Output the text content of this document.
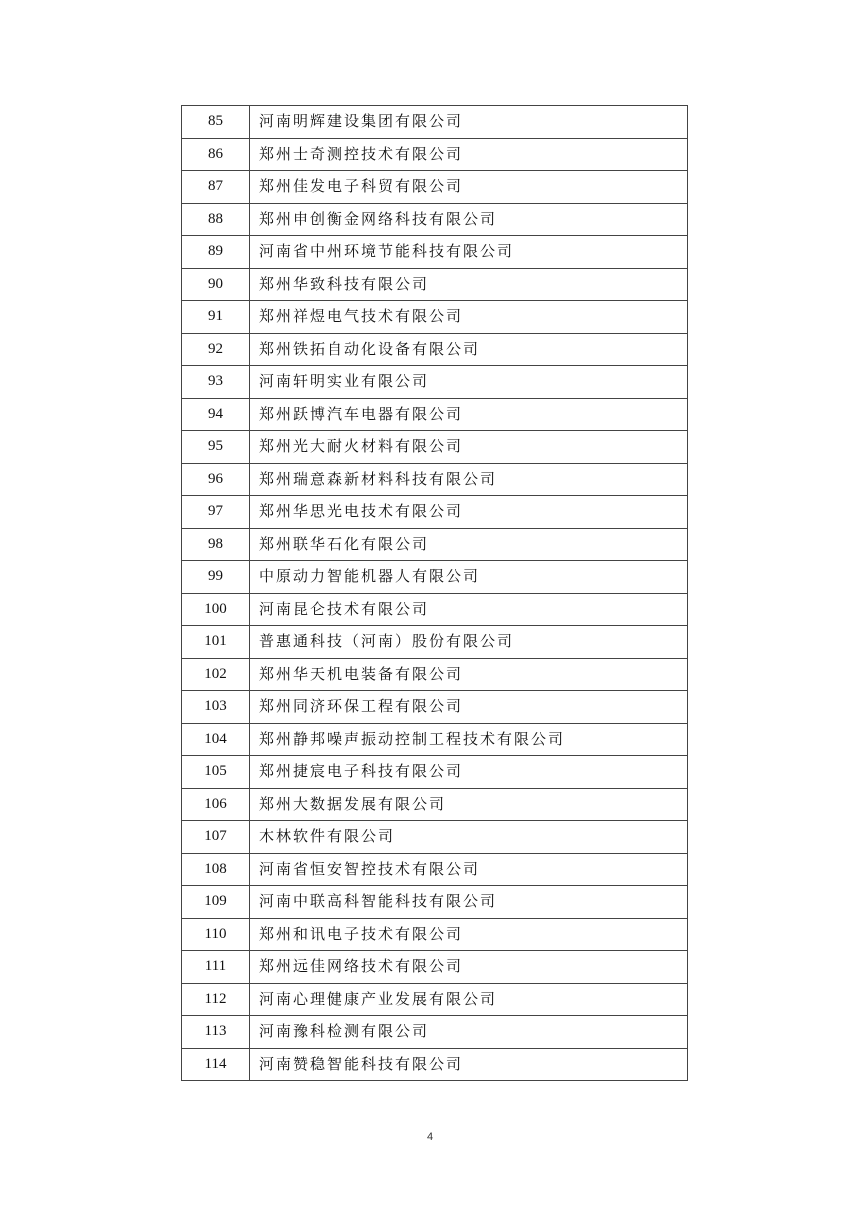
85	河南明辉建设集团有限公司
86	郑州士奇测控技术有限公司
87	郑州佳发电子科贸有限公司
88	郑州申创衡金网络科技有限公司
89	河南省中州环境节能科技有限公司
90	郑州华致科技有限公司
91	郑州祥煜电气技术有限公司
92	郑州铁拓自动化设备有限公司
93	河南轩明实业有限公司
94	郑州跃博汽车电器有限公司
95	郑州光大耐火材料有限公司
96	郑州瑞意森新材料科技有限公司
97	郑州华思光电技术有限公司
98	郑州联华石化有限公司
99	中原动力智能机器人有限公司
100	河南昆仑技术有限公司
101	普惠通科技（河南）股份有限公司
102	郑州华天机电装备有限公司
103	郑州同济环保工程有限公司
104	郑州静邦噪声振动控制工程技术有限公司
105	郑州捷宸电子科技有限公司
106	郑州大数据发展有限公司
107	木林软件有限公司
108	河南省恒安智控技术有限公司
109	河南中联高科智能科技有限公司
110	郑州和讯电子技术有限公司
111	郑州远佳网络技术有限公司
112	河南心理健康产业发展有限公司
113	河南豫科检测有限公司
114	河南赞稳智能科技有限公司
4
